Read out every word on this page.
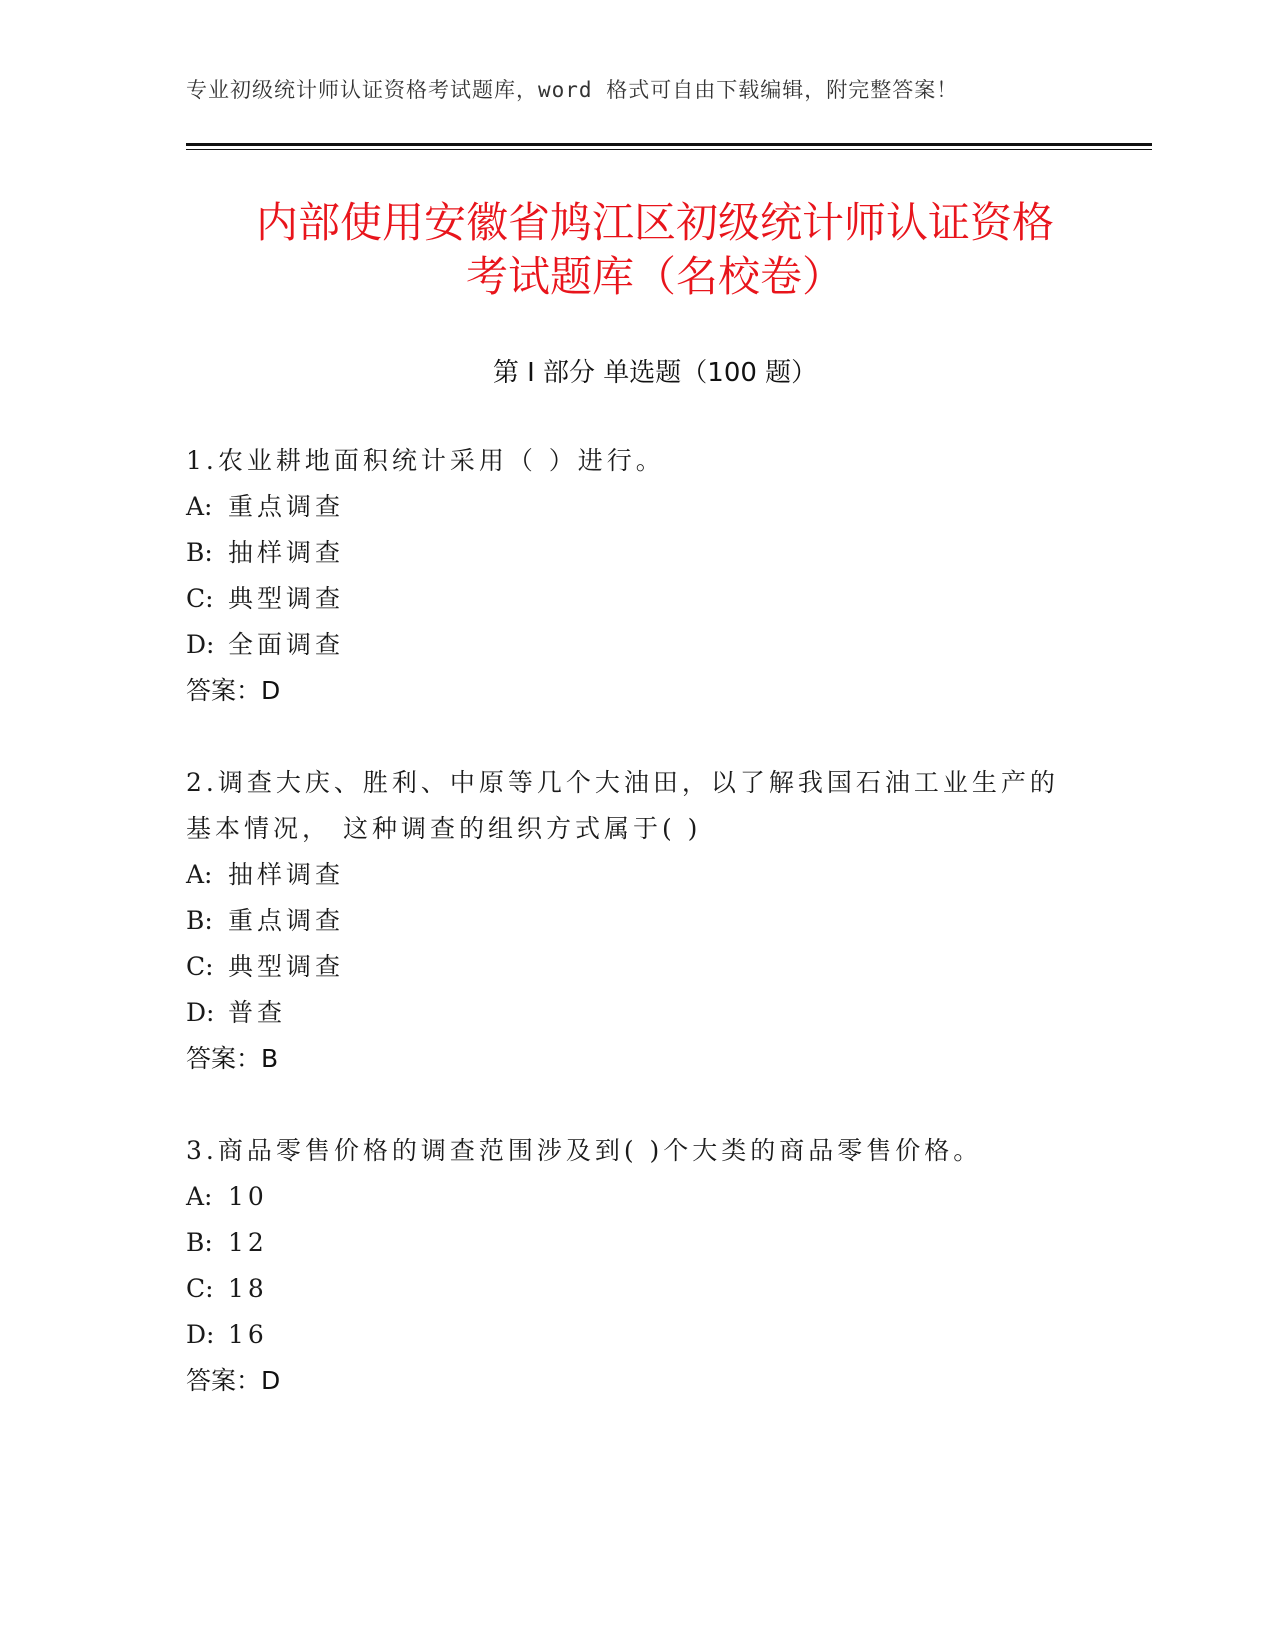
专业初级统计师认证资格考试题库，word 格式可自由下载编辑，附完整答案！
内部使用安徽省鸠江区初级统计师认证资格
考试题库（名校卷）
第 I 部分 单选题（100 题）
1.农业耕地面积统计采用（ ）进行。
A: 重点调查
B: 抽样调查
C: 典型调查
D: 全面调查
答案：D
2.调查大庆、胜利、中原等几个大油田，以了解我国石油工业生产的基本情况， 这种调查的组织方式属于( )
A: 抽样调查
B: 重点调查
C: 典型调查
D: 普查
答案：B
3.商品零售价格的调查范围涉及到( )个大类的商品零售价格。
A: 10
B: 12
C: 18
D: 16
答案：D
